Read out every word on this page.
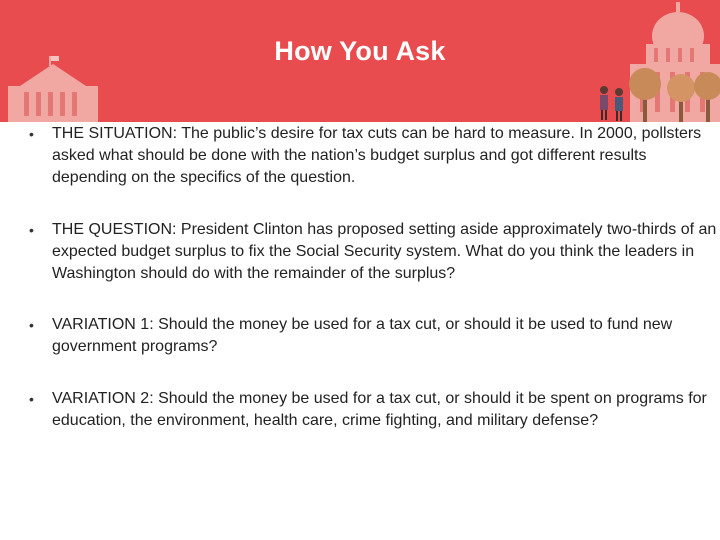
How You Ask
• THE SITUATION: The public’s desire for tax cuts can be hard to measure. In 2000, pollsters asked what should be done with the nation’s budget surplus and got different results depending on the specifics of the question.

• THE QUESTION: President Clinton has proposed setting aside approximately two-thirds of an expected budget surplus to fix the Social Security system. What do you think the leaders in Washington should do with the remainder of the surplus?

• VARIATION 1: Should the money be used for a tax cut, or should it be used to fund new government programs?

• VARIATION 2: Should the money be used for a tax cut, or should it be spent on programs for education, the environment, health care, crime fighting, and military defense?
